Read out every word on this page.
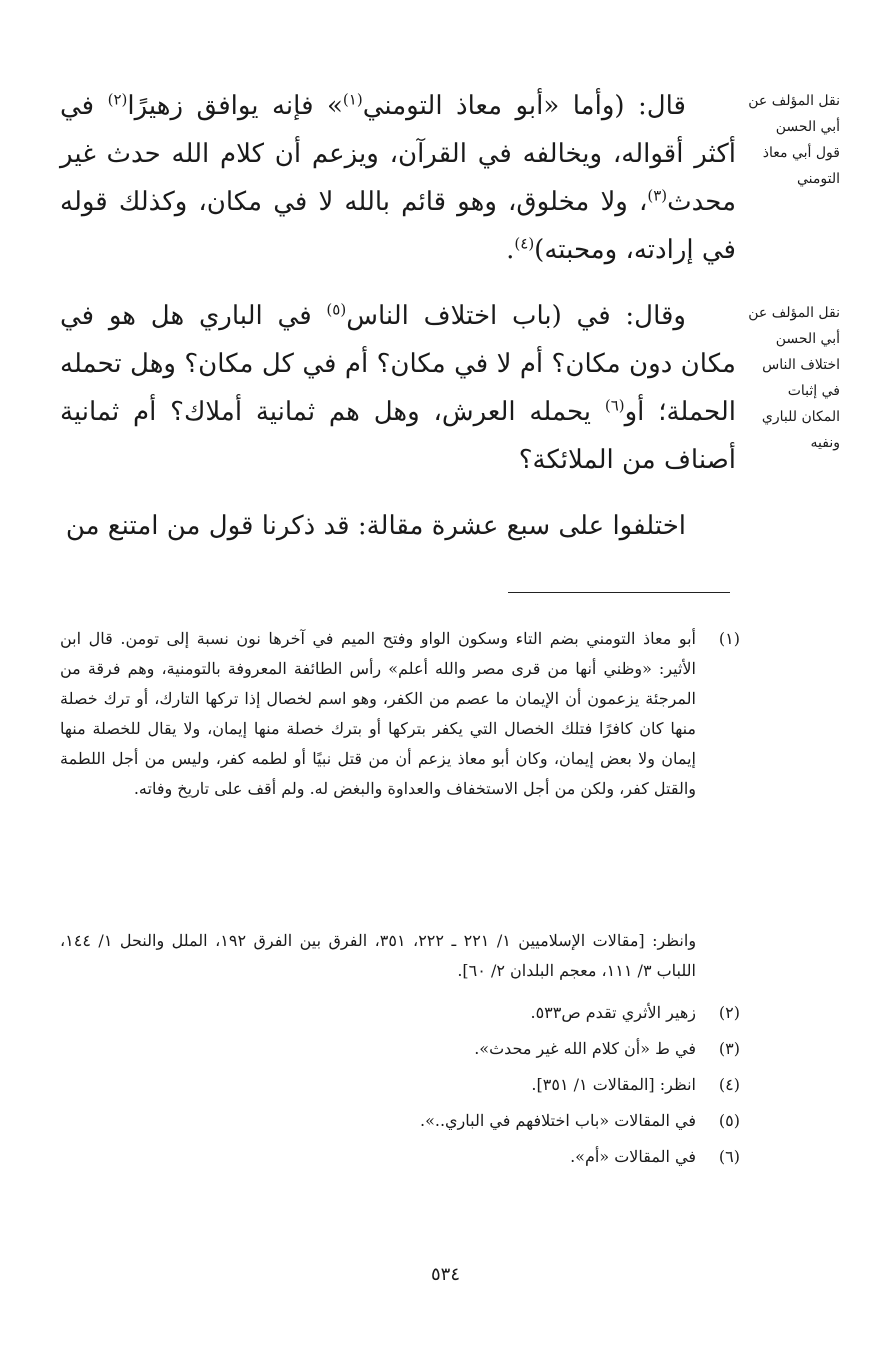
نقل المؤلف عن أبي الحسن قول أبي معاذ التومني
قال: (وأما «أبو معاذ التومني$^{(١)}$» فإنه يوافق زهيرًا$^{(٢)}$ في أكثر أقواله، ويخالفه في القرآن، ويزعم أن كلام الله حدث غير محدث$^{(٣)}$، ولا مخلوق، وهو قائم بالله لا في مكان، وكذلك قوله في إرادته، ومحبته)$^{(٤)}$.
نقل المؤلف عن أبي الحسن اختلاف الناس في إثبات المكان للباري ونفيه
وقال: في (باب اختلاف الناس$^{(٥)}$ في الباري هل هو في مكان دون مكان؟ أم لا في مكان؟ أم في كل مكان؟ وهل تحمله الحملة؛ أو$^{(٦)}$ يحمله العرش، وهل هم ثمانية أملاك؟ أم ثمانية أصناف من الملائكة؟
اختلفوا على سبع عشرة مقالة: قد ذكرنا قول من امتنع من
(١)
أبو معاذ التومني بضم التاء وسكون الواو وفتح الميم في آخرها نون نسبة إلى تومن. قال ابن الأثير: «وظني أنها من قرى مصر والله أعلم» رأس الطائفة المعروفة بالتومنية، وهم فرقة من المرجئة يزعمون أن الإيمان ما عصم من الكفر، وهو اسم لخصال إذا تركها التارك، أو ترك خصلة منها كان كافرًا فتلك الخصال التي يكفر بتركها أو بترك خصلة منها إيمان، ولا يقال للخصلة منها إيمان ولا بعض إيمان، وكان أبو معاذ يزعم أن من قتل نبيًا أو لطمه كفر، وليس من أجل اللطمة والقتل كفر، ولكن من أجل الاستخفاف والعداوة والبغض له. ولم أقف على تاريخ وفاته.
وانظر: [مقالات الإسلاميين ١/ ٢٢١ ـ ٢٢٢، ٣٥١، الفرق بين الفرق ١٩٢، الملل والنحل ١/ ١٤٤، اللباب ٣/ ١١١، معجم البلدان ٢/ ٦٠].
(٢)
زهير الأثري تقدم ص٥٣٣.
(٣)
في ط «أن كلام الله غير محدث».
(٤)
انظر: [المقالات ١/ ٣٥١].
(٥)
في المقالات «باب اختلافهم في الباري..».
(٦)
في المقالات «أم».
٥٣٤
